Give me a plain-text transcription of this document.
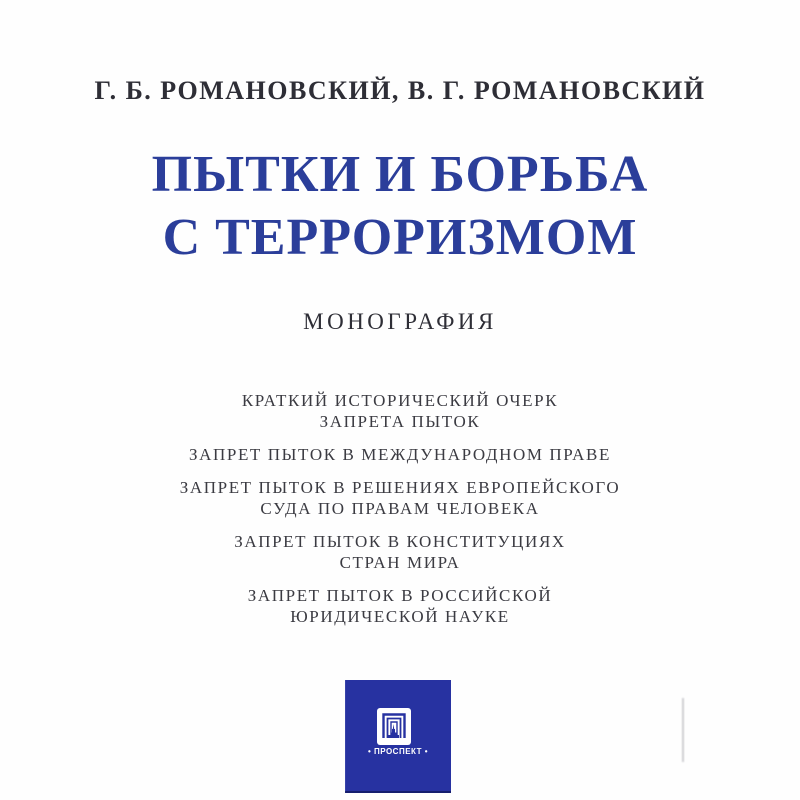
Г. Б. РОМАНОВСКИЙ, В. Г. РОМАНОВСКИЙ
ПЫТКИ И БОРЬБА
С ТЕРРОРИЗМОМ
МОНОГРАФИЯ
КРАТКИЙ ИСТОРИЧЕСКИЙ ОЧЕРК
ЗАПРЕТА ПЫТОК
ЗАПРЕТ ПЫТОК В МЕЖДУНАРОДНОМ ПРАВЕ
ЗАПРЕТ ПЫТОК В РЕШЕНИЯХ ЕВРОПЕЙСКОГО
СУДА ПО ПРАВАМ ЧЕЛОВЕКА
ЗАПРЕТ ПЫТОК В КОНСТИТУЦИЯХ
СТРАН МИРА
ЗАПРЕТ ПЫТОК В РОССИЙСКОЙ
ЮРИДИЧЕСКОЙ НАУКЕ
• ПРОСПЕКТ •
